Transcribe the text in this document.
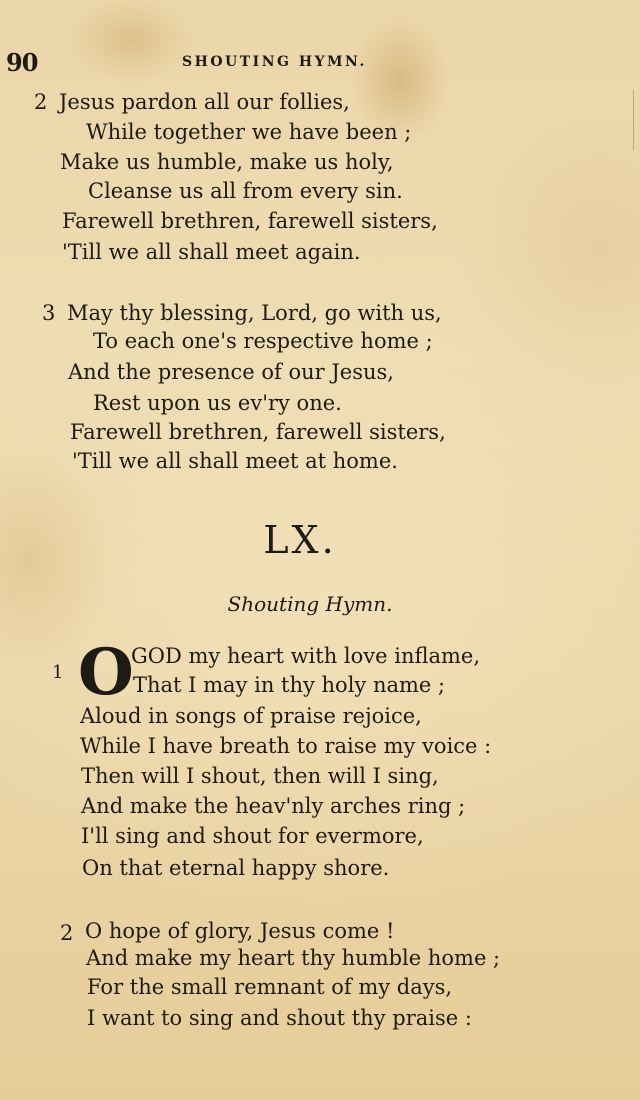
90	SHOUTING HYMN.
2 Jesus pardon all our follies,
While together we have been ;
Make us humble, make us holy,
Cleanse us all from every sin.
Farewell brethren, farewell sisters,
'Till we all shall meet again.
3 May thy blessing, Lord, go with us,
To each one's respective home ;
And the presence of our Jesus,
Rest upon us ev'ry one.
Farewell brethren, farewell sisters,
'Till we all shall meet at home.
LX.
Shouting Hymn.
1 O
GOD my heart with love inflame,
That I may in thy holy name ;
Aloud in songs of praise rejoice,
While I have breath to raise my voice :
Then will I shout, then will I sing,
And make the heav'nly arches ring ;
I'll sing and shout for evermore,
On that eternal happy shore.
2 O hope of glory, Jesus come !
And make my heart thy humble home ;
For the small remnant of my days,
I want to sing and shout thy praise :
